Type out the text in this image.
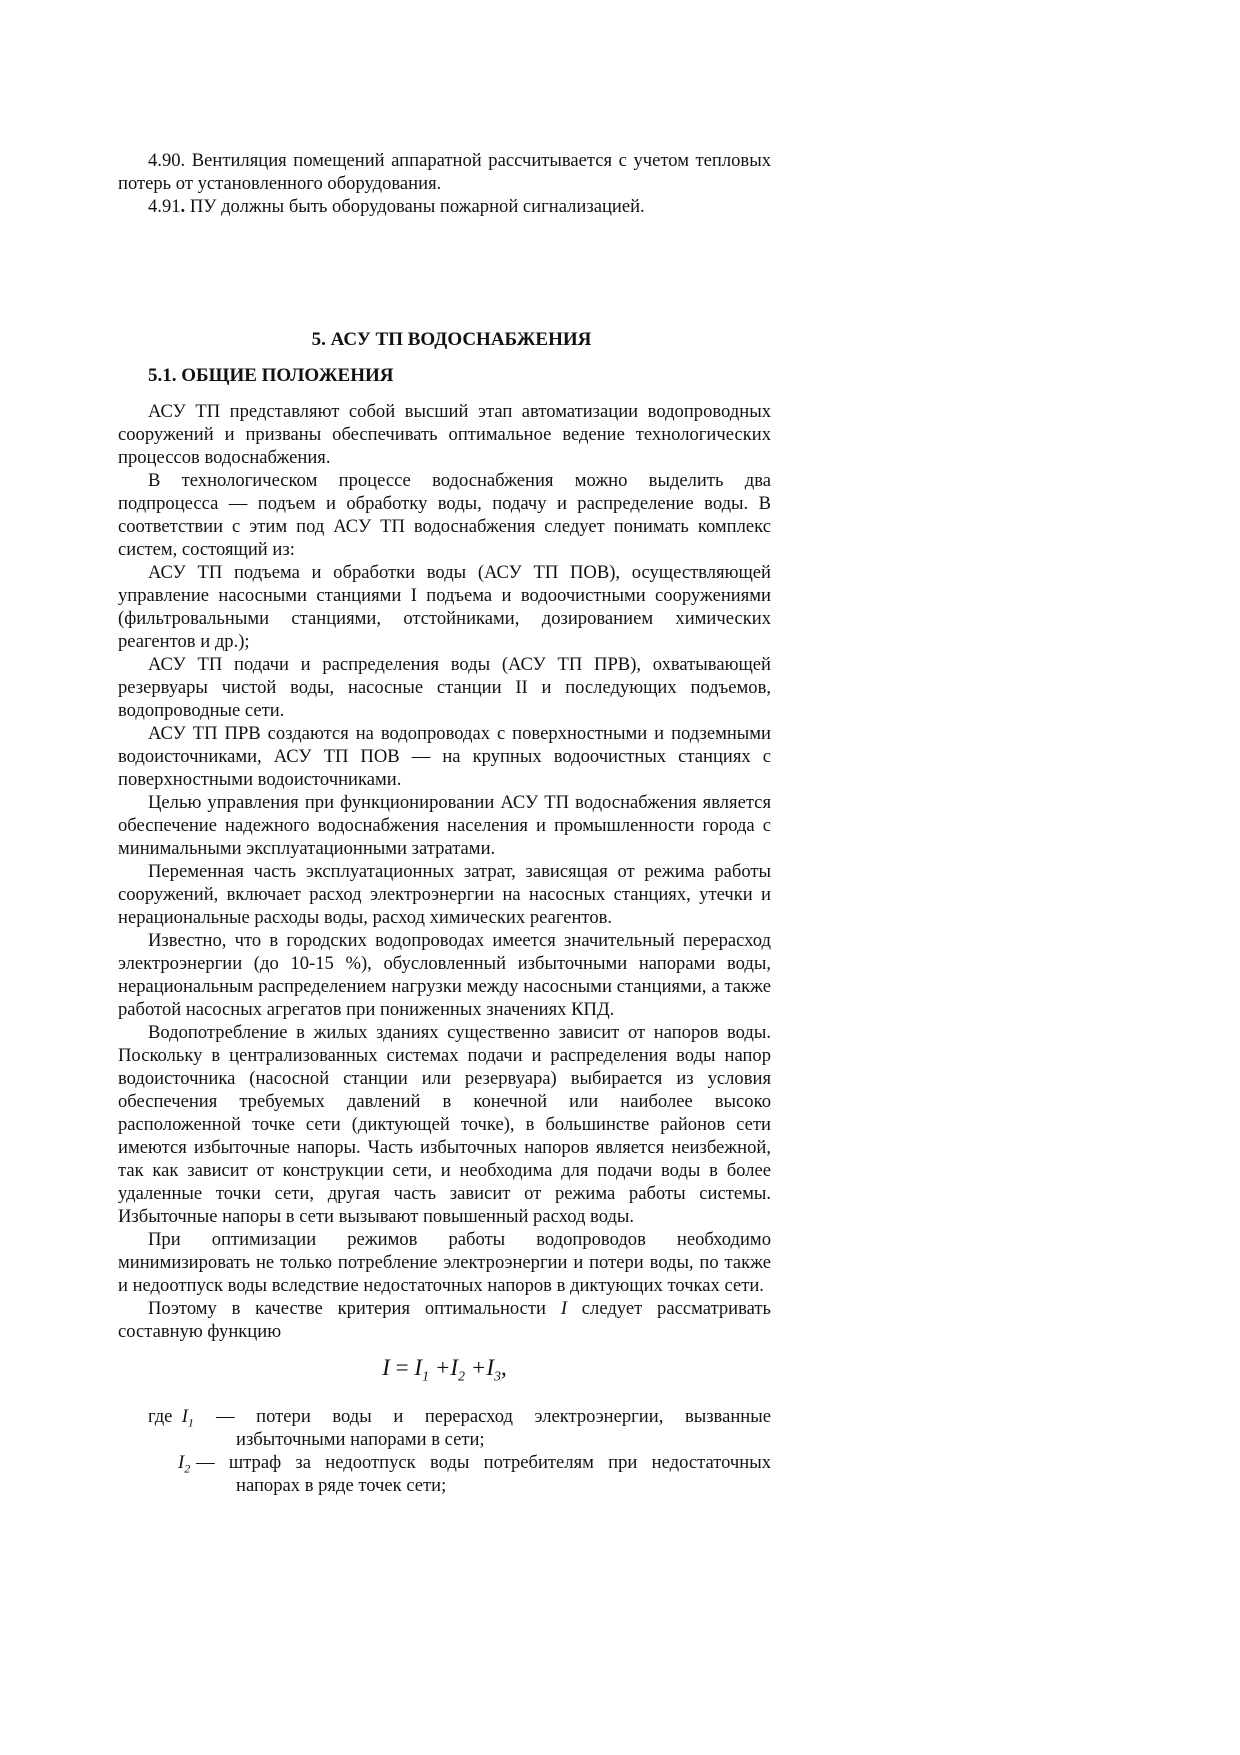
4.90. Вентиляция помещений аппаратной рассчитывается с учетом тепловых потерь от установленного оборудования.

4.91. ПУ должны быть оборудованы пожарной сигнализацией.

5. АСУ ТП ВОДОСНАБЖЕНИЯ
5.1. ОБЩИЕ ПОЛОЖЕНИЯ

АСУ ТП представляют собой высший этап автоматизации водопроводных сооружений и призваны обеспечивать оптимальное ведение технологических процессов водоснабжения.

В технологическом процессе водоснабжения можно выделить два подпроцесса — подъем и обработку воды, подачу и распределение воды. В соответствии с этим под АСУ ТП водоснабжения следует понимать комплекс систем, состоящий из:

АСУ ТП подъема и обработки воды (АСУ ТП ПОВ), осуществляющей управление насосными станциями I подъема и водоочистными сооружениями (фильтровальными станциями, отстойниками, дозированием химических реагентов и др.);

АСУ ТП подачи и распределения воды (АСУ ТП ПРВ), охватывающей резервуары чистой воды, насосные станции II и последующих подъемов, водопроводные сети.

АСУ ТП ПРВ создаются на водопроводах с поверхностными и подземными водоисточниками, АСУ ТП ПОВ — на крупных водоочистных станциях с поверхностными водоисточниками.

Целью управления при функционировании АСУ ТП водоснабжения является обеспечение надежного водоснабжения населения и промышленности города с минимальными эксплуатационными затратами.

Переменная часть эксплуатационных затрат, зависящая от режима работы сооружений, включает расход электроэнергии на насосных станциях, утечки и нерациональные расходы воды, расход химических реагентов.

Известно, что в городских водопроводах имеется значительный перерасход электроэнергии (до 10-15 %), обусловленный избыточными напорами воды, нерациональным распределением нагрузки между насосными станциями, а также работой насосных агрегатов при пониженных значениях КПД.

Водопотребление в жилых зданиях существенно зависит от напоров воды. Поскольку в централизованных системах подачи и распределения воды напор водоисточника (насосной станции или резервуара) выбирается из условия обеспечения требуемых давлений в конечной или наиболее высоко расположенной точке сети (диктующей точке), в большинстве районов сети имеются избыточные напоры. Часть избыточных напоров является неизбежной, так как зависит от конструкции сети, и необходима для подачи воды в более удаленные точки сети, другая часть зависит от режима работы системы. Избыточные напоры в сети вызывают повышенный расход воды.

При оптимизации режимов работы водопроводов необходимо минимизировать не только потребление электроэнергии и потери воды, по также и недоотпуск воды вследствие недостаточных напоров в диктующих точках сети.

Поэтому в качестве критерия оптимальности I следует рассматривать составную функцию

$I = I_1 +I_2 +I_3$,
где $I_1$ — потери воды и перерасход электроэнергии, вызванные избыточными напорами в сети;
$I_2$ — штраф за недоотпуск воды потребителям при недостаточных напорах в ряде точек сети;
